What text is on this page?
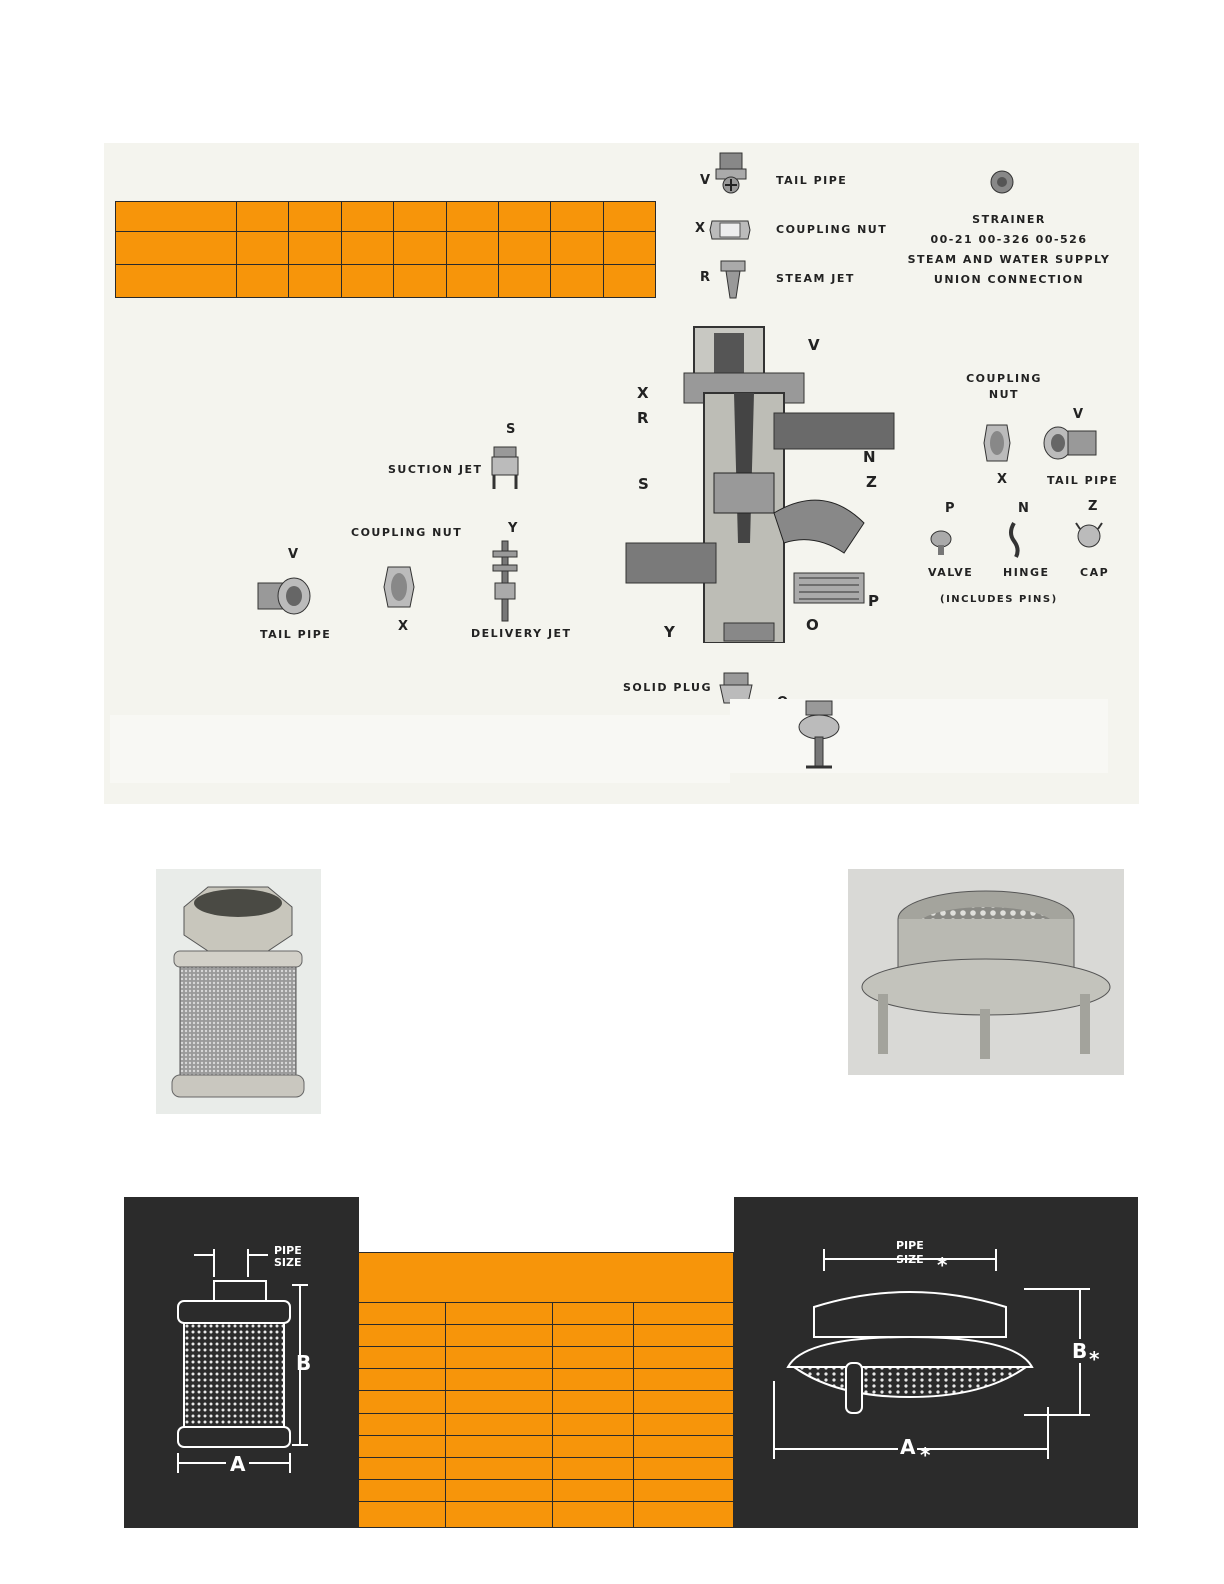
V	TAIL PIPE
X	COUPLING NUT
R	STEAM JET
STRAINER
00-21 00-326 00-526
STEAM AND WATER SUPPLY
UNION CONNECTION
S
SUCTION JET
COUPLING NUT
X
Y
DELIVERY JET
V
TAIL PIPE
V
X
R
S
N
Z
P
O
Y
COUPLING
NUT
X
V
TAIL PIPE
P
VALVE
N
HINGE
Z
CAP
(INCLUDES PINS)
SOLID PLUG
PIPE
SIZE
B
A

PIPE
SIZE *
B *
A *
